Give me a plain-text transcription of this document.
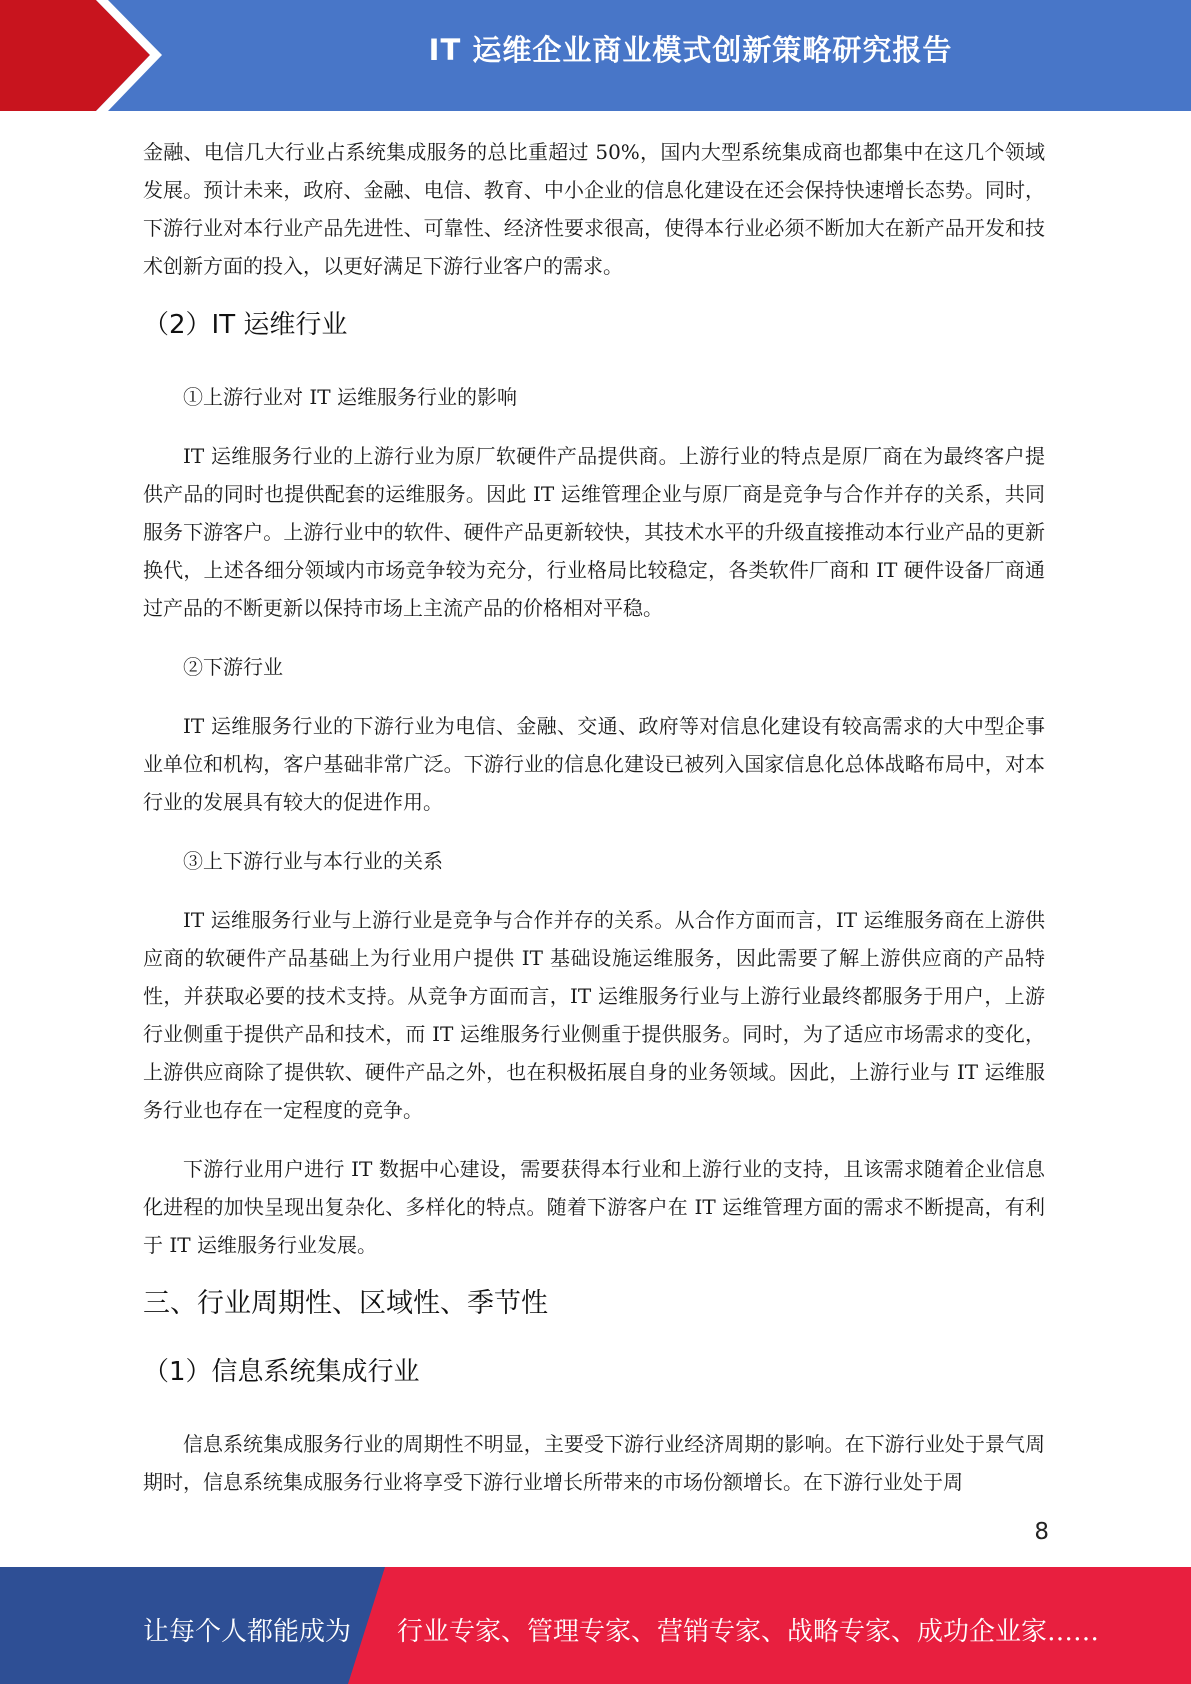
IT 运维企业商业模式创新策略研究报告

金融、电信几大行业占系统集成服务的总比重超过 50%，国内大型系统集成商也都集中在这几个领域发展。预计未来，政府、金融、电信、教育、中小企业的信息化建设在还会保持快速增长态势。同时，下游行业对本行业产品先进性、可靠性、经济性要求很高，使得本行业必须不断加大在新产品开发和技术创新方面的投入，以更好满足下游行业客户的需求。

（2）IT 运维行业

①上游行业对 IT 运维服务行业的影响

IT 运维服务行业的上游行业为原厂软硬件产品提供商。上游行业的特点是原厂商在为最终客户提供产品的同时也提供配套的运维服务。因此 IT 运维管理企业与原厂商是竞争与合作并存的关系，共同服务下游客户。上游行业中的软件、硬件产品更新较快，其技术水平的升级直接推动本行业产品的更新换代，上述各细分领域内市场竞争较为充分，行业格局比较稳定，各类软件厂商和 IT 硬件设备厂商通过产品的不断更新以保持市场上主流产品的价格相对平稳。

②下游行业

IT 运维服务行业的下游行业为电信、金融、交通、政府等对信息化建设有较高需求的大中型企事业单位和机构，客户基础非常广泛。下游行业的信息化建设已被列入国家信息化总体战略布局中，对本行业的发展具有较大的促进作用。

③上下游行业与本行业的关系

IT 运维服务行业与上游行业是竞争与合作并存的关系。从合作方面而言，IT 运维服务商在上游供应商的软硬件产品基础上为行业用户提供 IT 基础设施运维服务，因此需要了解上游供应商的产品特性，并获取必要的技术支持。从竞争方面而言，IT 运维服务行业与上游行业最终都服务于用户，上游行业侧重于提供产品和技术，而 IT 运维服务行业侧重于提供服务。同时，为了适应市场需求的变化，上游供应商除了提供软、硬件产品之外，也在积极拓展自身的业务领域。因此，上游行业与 IT 运维服务行业也存在一定程度的竞争。

下游行业用户进行 IT 数据中心建设，需要获得本行业和上游行业的支持，且该需求随着企业信息化进程的加快呈现出复杂化、多样化的特点。随着下游客户在 IT 运维管理方面的需求不断提高，有利于 IT 运维服务行业发展。

三、行业周期性、区域性、季节性
（1）信息系统集成行业

信息系统集成服务行业的周期性不明显，主要受下游行业经济周期的影响。在下游行业处于景气周期时，信息系统集成服务行业将享受下游行业增长所带来的市场份额增长。在下游行业处于周

8
让每个人都能成为 行业专家、管理专家、营销专家、战略专家、成功企业家……
